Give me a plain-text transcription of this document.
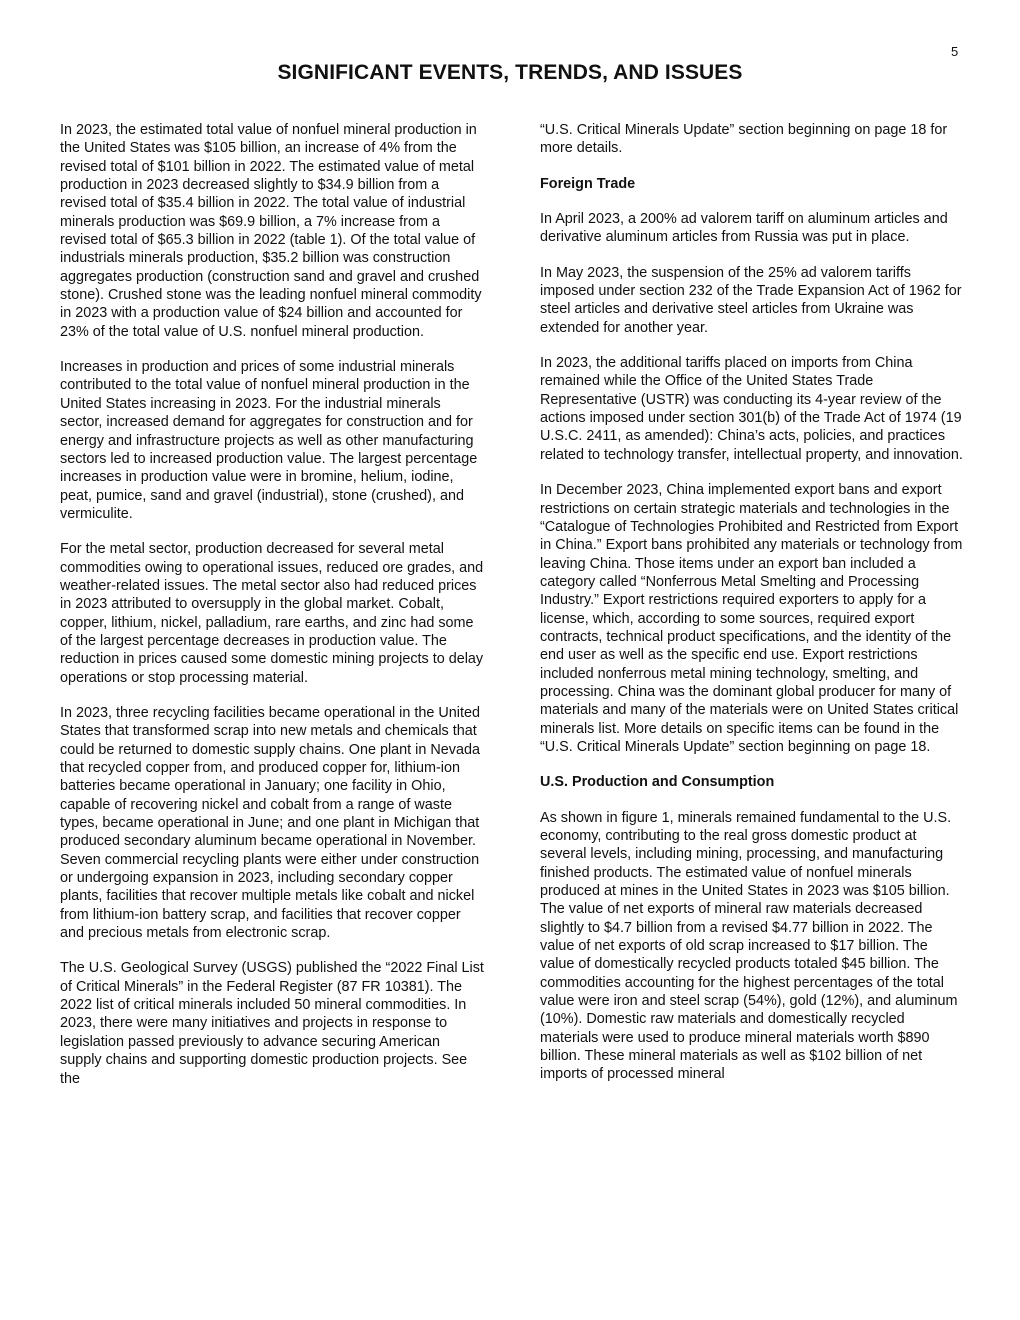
5
SIGNIFICANT EVENTS, TRENDS, AND ISSUES

In 2023, the estimated total value of nonfuel mineral production in the United States was $105 billion, an increase of 4% from the revised total of $101 billion in 2022. The estimated value of metal production in 2023 decreased slightly to $34.9 billion from a revised total of $35.4 billion in 2022. The total value of industrial minerals production was $69.9 billion, a 7% increase from a revised total of $65.3 billion in 2022 (table 1). Of the total value of industrials minerals production, $35.2 billion was construction aggregates production (construction sand and gravel and crushed stone). Crushed stone was the leading nonfuel mineral commodity in 2023 with a production value of $24 billion and accounted for 23% of the total value of U.S. nonfuel mineral production.

Increases in production and prices of some industrial minerals contributed to the total value of nonfuel mineral production in the United States increasing in 2023. For the industrial minerals sector, increased demand for aggregates for construction and for energy and infrastructure projects as well as other manufacturing sectors led to increased production value. The largest percentage increases in production value were in bromine, helium, iodine, peat, pumice, sand and gravel (industrial), stone (crushed), and vermiculite.

For the metal sector, production decreased for several metal commodities owing to operational issues, reduced ore grades, and weather-related issues. The metal sector also had reduced prices in 2023 attributed to oversupply in the global market. Cobalt, copper, lithium, nickel, palladium, rare earths, and zinc had some of the largest percentage decreases in production value. The reduction in prices caused some domestic mining projects to delay operations or stop processing material.

In 2023, three recycling facilities became operational in the United States that transformed scrap into new metals and chemicals that could be returned to domestic supply chains. One plant in Nevada that recycled copper from, and produced copper for, lithium-ion batteries became operational in January; one facility in Ohio, capable of recovering nickel and cobalt from a range of waste types, became operational in June; and one plant in Michigan that produced secondary aluminum became operational in November. Seven commercial recycling plants were either under construction or undergoing expansion in 2023, including secondary copper plants, facilities that recover multiple metals like cobalt and nickel from lithium-ion battery scrap, and facilities that recover copper and precious metals from electronic scrap.

The U.S. Geological Survey (USGS) published the “2022 Final List of Critical Minerals” in the Federal Register (87 FR 10381). The 2022 list of critical minerals included 50 mineral commodities. In 2023, there were many initiatives and projects in response to legislation passed previously to advance securing American supply chains and supporting domestic production projects. See the

“U.S. Critical Minerals Update” section beginning on page 18 for more details.

Foreign Trade

In April 2023, a 200% ad valorem tariff on aluminum articles and derivative aluminum articles from Russia was put in place.

In May 2023, the suspension of the 25% ad valorem tariffs imposed under section 232 of the Trade Expansion Act of 1962 for steel articles and derivative steel articles from Ukraine was extended for another year.

In 2023, the additional tariffs placed on imports from China remained while the Office of the United States Trade Representative (USTR) was conducting its 4-year review of the actions imposed under section 301(b) of the Trade Act of 1974 (19 U.S.C. 2411, as amended): China’s acts, policies, and practices related to technology transfer, intellectual property, and innovation.

In December 2023, China implemented export bans and export restrictions on certain strategic materials and technologies in the “Catalogue of Technologies Prohibited and Restricted from Export in China.” Export bans prohibited any materials or technology from leaving China. Those items under an export ban included a category called “Nonferrous Metal Smelting and Processing Industry.” Export restrictions required exporters to apply for a license, which, according to some sources, required export contracts, technical product specifications, and the identity of the end user as well as the specific end use. Export restrictions included nonferrous metal mining technology, smelting, and processing. China was the dominant global producer for many of materials and many of the materials were on United States critical minerals list. More details on specific items can be found in the “U.S. Critical Minerals Update” section beginning on page 18.

U.S. Production and Consumption

As shown in figure 1, minerals remained fundamental to the U.S. economy, contributing to the real gross domestic product at several levels, including mining, processing, and manufacturing finished products. The estimated value of nonfuel minerals produced at mines in the United States in 2023 was $105 billion. The value of net exports of mineral raw materials decreased slightly to $4.7 billion from a revised $4.77 billion in 2022. The value of net exports of old scrap increased to $17 billion. The value of domestically recycled products totaled $45 billion. The commodities accounting for the highest percentages of the total value were iron and steel scrap (54%), gold (12%), and aluminum (10%). Domestic raw materials and domestically recycled materials were used to produce mineral materials worth $890 billion. These mineral materials as well as $102 billion of net imports of processed mineral
